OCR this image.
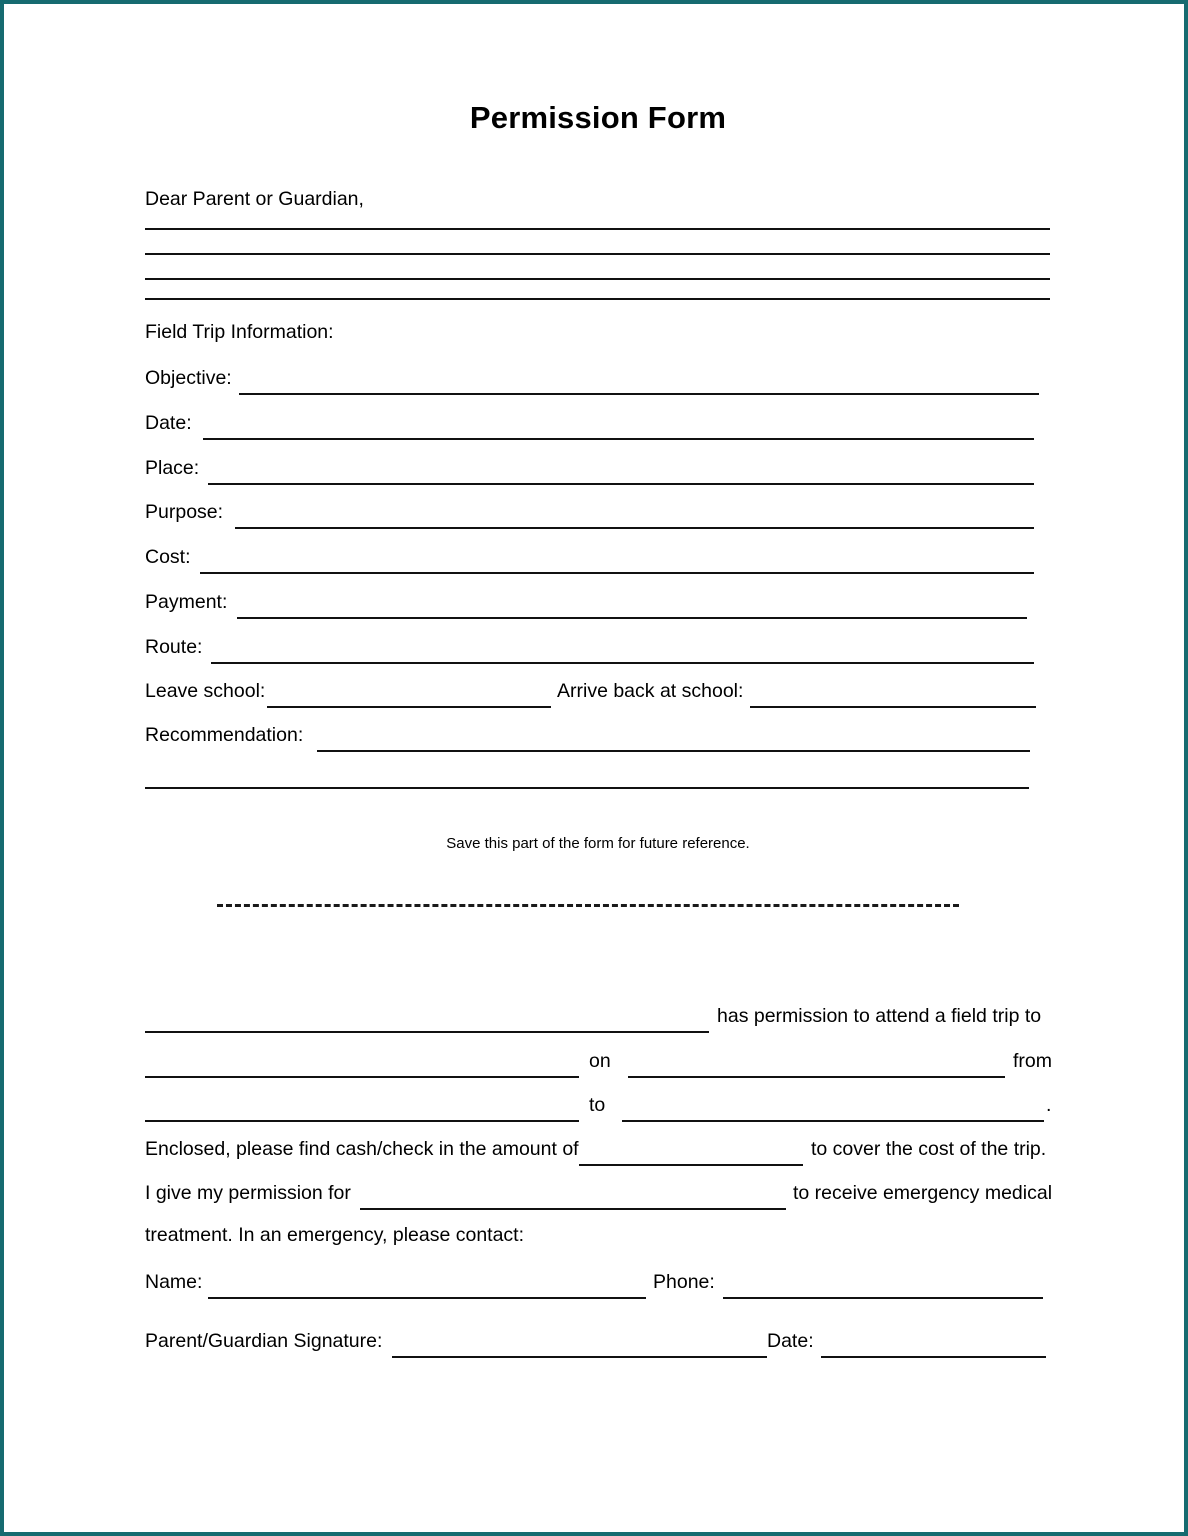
Permission Form
Dear Parent or Guardian,
Field Trip Information:
Objective:
Date:
Place:
Purpose:
Cost:
Payment:
Route:
Leave school:	Arrive back at school:
Recommendation:
Save this part of the form for future reference.
has permission to attend a field trip to
on	from
to	.
Enclosed, please find cash/check in the amount of	to cover the cost of the trip.
I give my permission for	to receive emergency medical
treatment. In an emergency, please contact:
Name:	Phone:
Parent/Guardian Signature:	Date:
